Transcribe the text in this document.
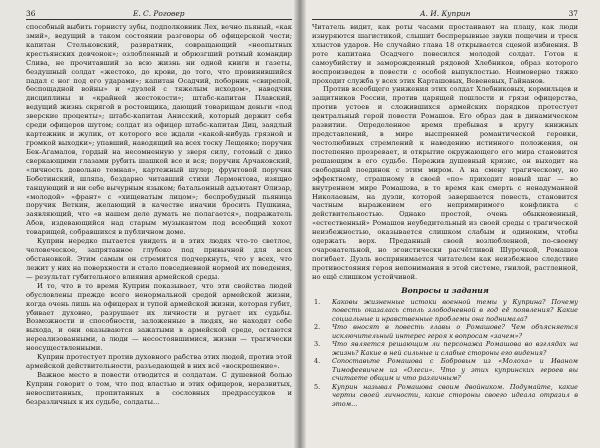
36	Е. С. Роговер

способный выбить горнисту зубы, подполковник Лех, вечно пьяный, «как змий», ведущий в таком состоянии разговоры об офицерской чести; капитан Стельковский, развратник, совращающий «неопытных крестьянских девчонок»; озлобленный и обрюзгший ротный командир Слива, не прочитавший за всю жизнь ни одной книги и газеты, бездушный солдат «жестоко, до крови, до того, что провинившийся падал с ног под его ударами»; капитан Осадчий, поборник «свирепой, беспощадной войны» и «дуэлей с тяжелым исходом», наводчик дисциплины и «крайней жестокости»; штабс-капитан Плавский, ведущий жизнь скрягой в ростовщика, дающий товарищам деньги «под зверские проценты»; штабс-капитан Анисский, который держит себя среди офицеров шутом; солдат из офицер штабс-капитан Диц, заядлый картежник и жулик, от которого все ждали «какой-нибудь грязной и громкой выходки»; упавший, наводящий на всех тоску Лещенко; поручик Бек-Агамалов, гордый на несомненную у зверя силу, готовый с дико сверкающими глазами рубить шашкой все и вся; поручик Арчаковский, «личность довольно темная», картежный шулер; фрунтовой поручик Бобетинский, шляпа, бездарно читавший стихи Лермонтова, изящно танцующий и ни себе вычурным языком; батальонный адъютант Олизар, «молодой» «франт» с «хищеватым лицом»; беспробудный пьяница поручик Веткин, желающий в качестве иначии бросить Пушкина, заявляющий, что «в нашем деле думать не полагается», подражатель Абов, издевающийся над старым музыкантом под всеобщий хохот товарищей, собравшихся в публичном доме.

Куприн нередко пытается увидеть и в этих людях что-то светлое, человеческое, запрятанное глубоко под привычной для всех обстановкой. Этим самым он стремится подчеркнуть, что у всех, что лежит у них на поверхности и стало повседневной нормой их поведения, — результат губительного влияния армейской среды.

И то, что в то время Куприн показывает, что эти свойства людей обусловлены прежде всего ненормальной средой армейской жизни, когда очень лишь на офицерах и тупой армейской жизни, которая губит, убивает духовно, разрушает их личности и ругает их судьбы. Возможности и способности, заложенные в людях, не находят себе выхода, и они оказываются зажатыми в армейской среде, остаются нереализованными, а люди — несостоявшимися, жизни — трагически неосуществленными.

Куприн протестует против духовного рабства этих людей, против этой армейской действительности, разъедающей в них всё «воскрешение».

Важное место в повести отводится и солдатам. С душевной болью Куприн говорит о том, что под властью и этих офицеров, неразвитых, невоспитанных, пропитанных в сословных предрассудков и безразличных к их судьбе, солдаты...

А. И. Куприн	37

Читатель видит, как роты часами простаивают на плацу, как люди изнуряются шагистикой, слышит беспрерывные звуки пощечин и треск хлыстов ударов. Не случайно глава 18 открывается сценой избиения. В роте капитана Осадчего повесился молодой солдат. Готов к самоубийству и заморожденный рядовой Хлебников, образ которого воспроизведен в повести с особой выпуклостью. Неимоверно тяжко проходит служба у всех этих Карташовых, Вевеневых, Гайнанов.

Против всеобщего унижения этих солдат Хлебниковых, кормильцев и защитников России, против царящей пошлости и грязи офицерства, против устоев и сложившихся армейских порядков протестует центральный герой повести Ромашов. Его образ дан в динамическом развитии. Определенное время пребывая в кругу книжных представлений, в мире выспренней романтической героики, честолюбивых стремлений к наведению истинного положения, он постепенно прозревает, и открытие окружающего его мира становится решающим в его судьбе. Пережив душевный кризис, он выходит на свободный поединок с этим миром. А на смену трагическому, но эффектному, страшному в своей «по» приходит новый шаг — во внутреннем мире Ромашова, в то время как смерть с ненадуманной Николаевым, на дуэли, которой завершается повесть, становится частным выражением его непримиримого конфликта с действительностью. Однако простой, очень обыкновенный, «естественный» Ромашов неубедительный из своей среды с трагической неизбежностью, оказывается слишком слабым и одиноким, чтобы одержать верх. Преданный своей возлюбленной, по-своему очаровательной, но эгоистически расчётливой Шурочкой, Ромашов погибает. Дуэль воспринимается читателем как неизбежное следствие противостояния героя непонимания в этой системе, гнилой, растленной, но ещё слишком устойчивой.

Вопросы и задания
1.	Каковы жизненные истоки военной темы у Куприна? Почему повесть оказалась столь злободневной в год её появления? Какие социальные и нравственные проблемы она поднимала?
2.	Что вносят в повесть главы о Ромашове? Чем объясняется исключительный интерес героя к вопросам «зачем»?
3.	Что является решающим ли персонажа Ромашова во взглядах на жизнь? Какие в ней сильные и слабые стороны его видения?
4.	Сопоставьте Ромашова с Бобровым из «Молоха» и Иваном Тимофеевичем из «Олеси». Что у этих купринских героев вы считаете общим и что различным?
5.	Куприн называл Ромашова своим двойником. Подумайте, какие черты своей личности, какие стороны своего идеала отразил в этом...
